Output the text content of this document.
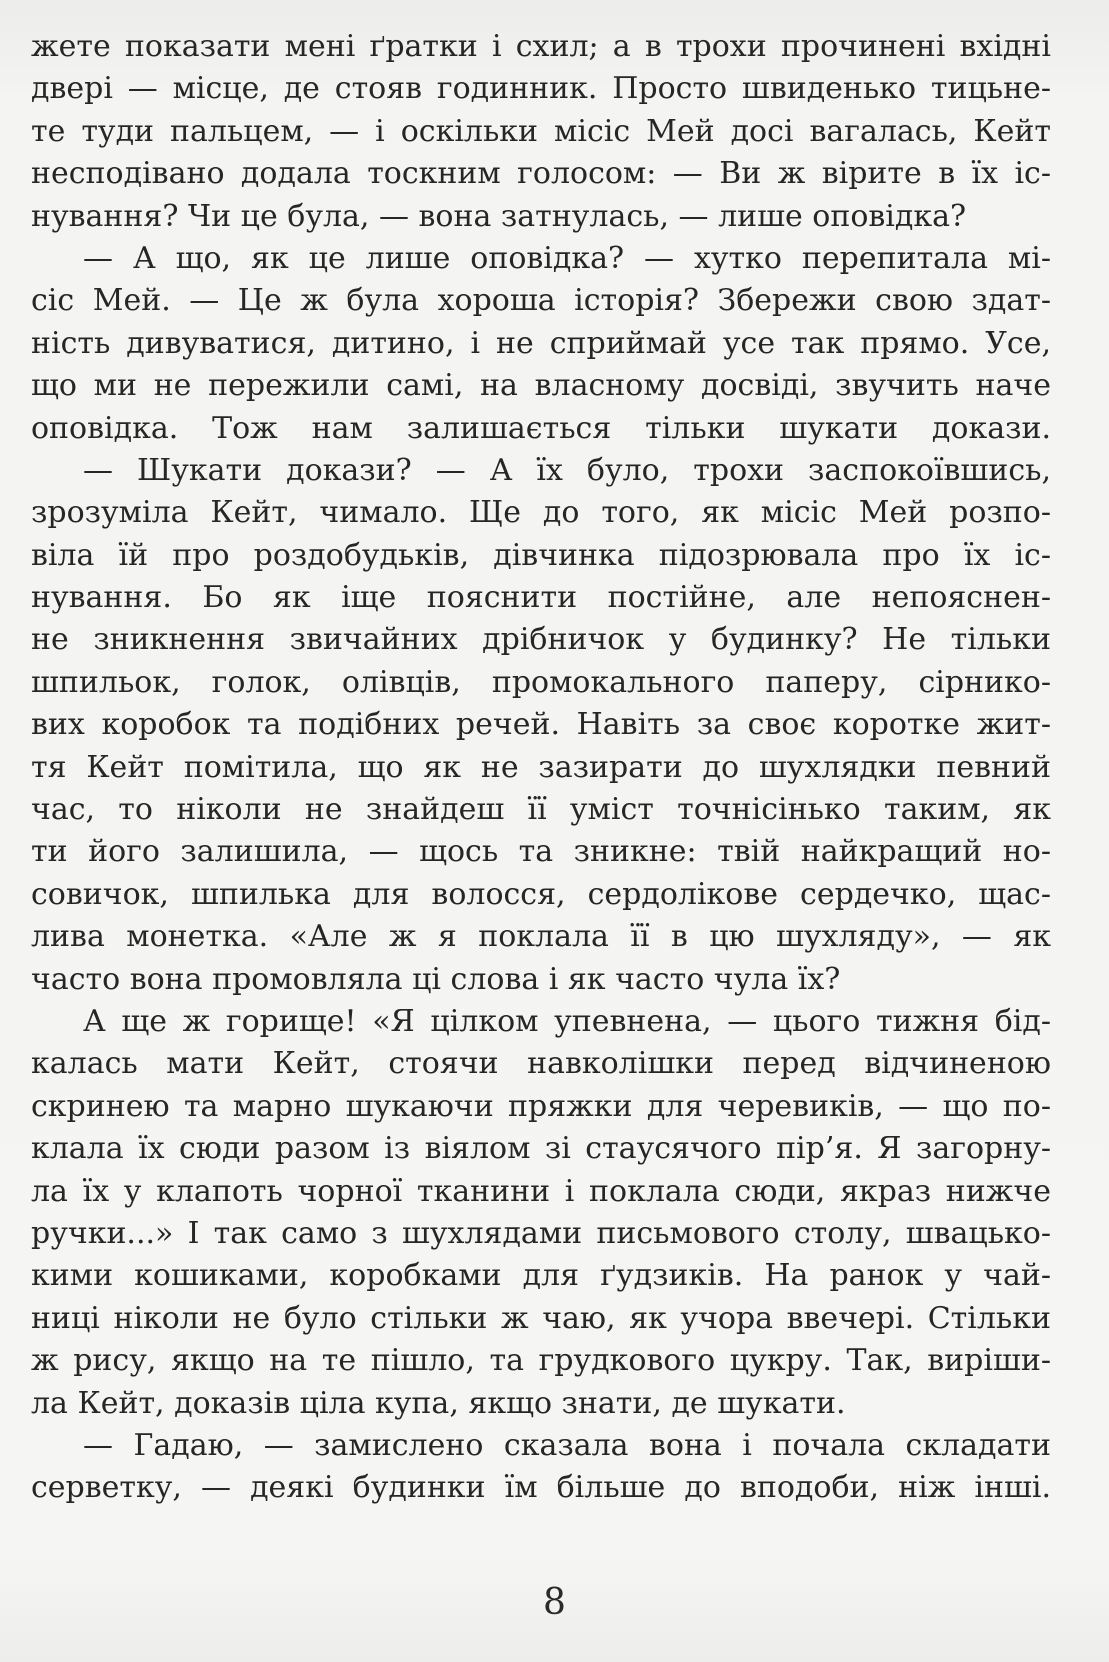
жете показати мені ґратки і схил; а в трохи прочинені вхідні
двері — місце, де стояв годинник. Просто швиденько тицьне-
те туди пальцем, — і оскільки місіс Мей досі вагалась, Кейт
несподівано додала тоскним голосом: — Ви ж вірите в їх іс-
нування? Чи це була, — вона затнулась, — лише оповідка?
— А що, як це лише оповідка? — хутко перепитала мі-
сіс Мей. — Це ж була хороша історія? Збережи свою здат-
ність дивуватися, дитино, і не сприймай усе так прямо. Усе,
що ми не пережили самі, на власному досвіді, звучить наче
оповідка. Тож нам залишається тільки шукати докази.
— Шукати докази? — А їх було, трохи заспокоївшись,
зрозуміла Кейт, чимало. Ще до того, як місіс Мей розпо-
віла їй про роздобудьків, дівчинка підозрювала про їх іс-
нування. Бо як іще пояснити постійне, але непояснен-
не зникнення звичайних дрібничок у будинку? Не тільки
шпильок, голок, олівців, промокального паперу, сірнико-
вих коробок та подібних речей. Навіть за своє коротке жит-
тя Кейт помітила, що як не зазирати до шухлядки певний
час, то ніколи не знайдеш її уміст точнісінько таким, як
ти його залишила, — щось та зникне: твій найкращий но-
совичок, шпилька для волосся, сердолікове сердечко, щас-
лива монетка. «Але ж я поклала її в цю шухляду», — як
часто вона промовляла ці слова і як часто чула їх?
А ще ж горище! «Я цілком упевнена, — цього тижня бід-
калась мати Кейт, стоячи навколішки перед відчиненою
скринею та марно шукаючи пряжки для черевиків, — що по-
клала їх сюди разом із віялом зі стаусячого пір’я. Я загорну-
ла їх у клапоть чорної тканини і поклала сюди, якраз нижче
ручки...» І так само з шухлядами письмового столу, швацько-
кими кошиками, коробками для ґудзиків. На ранок у чай-
ниці ніколи не було стільки ж чаю, як учора ввечері. Стільки
ж рису, якщо на те пішло, та грудкового цукру. Так, виріши-
ла Кейт, доказів ціла купа, якщо знати, де шукати.
— Гадаю, — замислено сказала вона і почала складати
серветку, — деякі будинки їм більше до вподоби, ніж інші.
8
